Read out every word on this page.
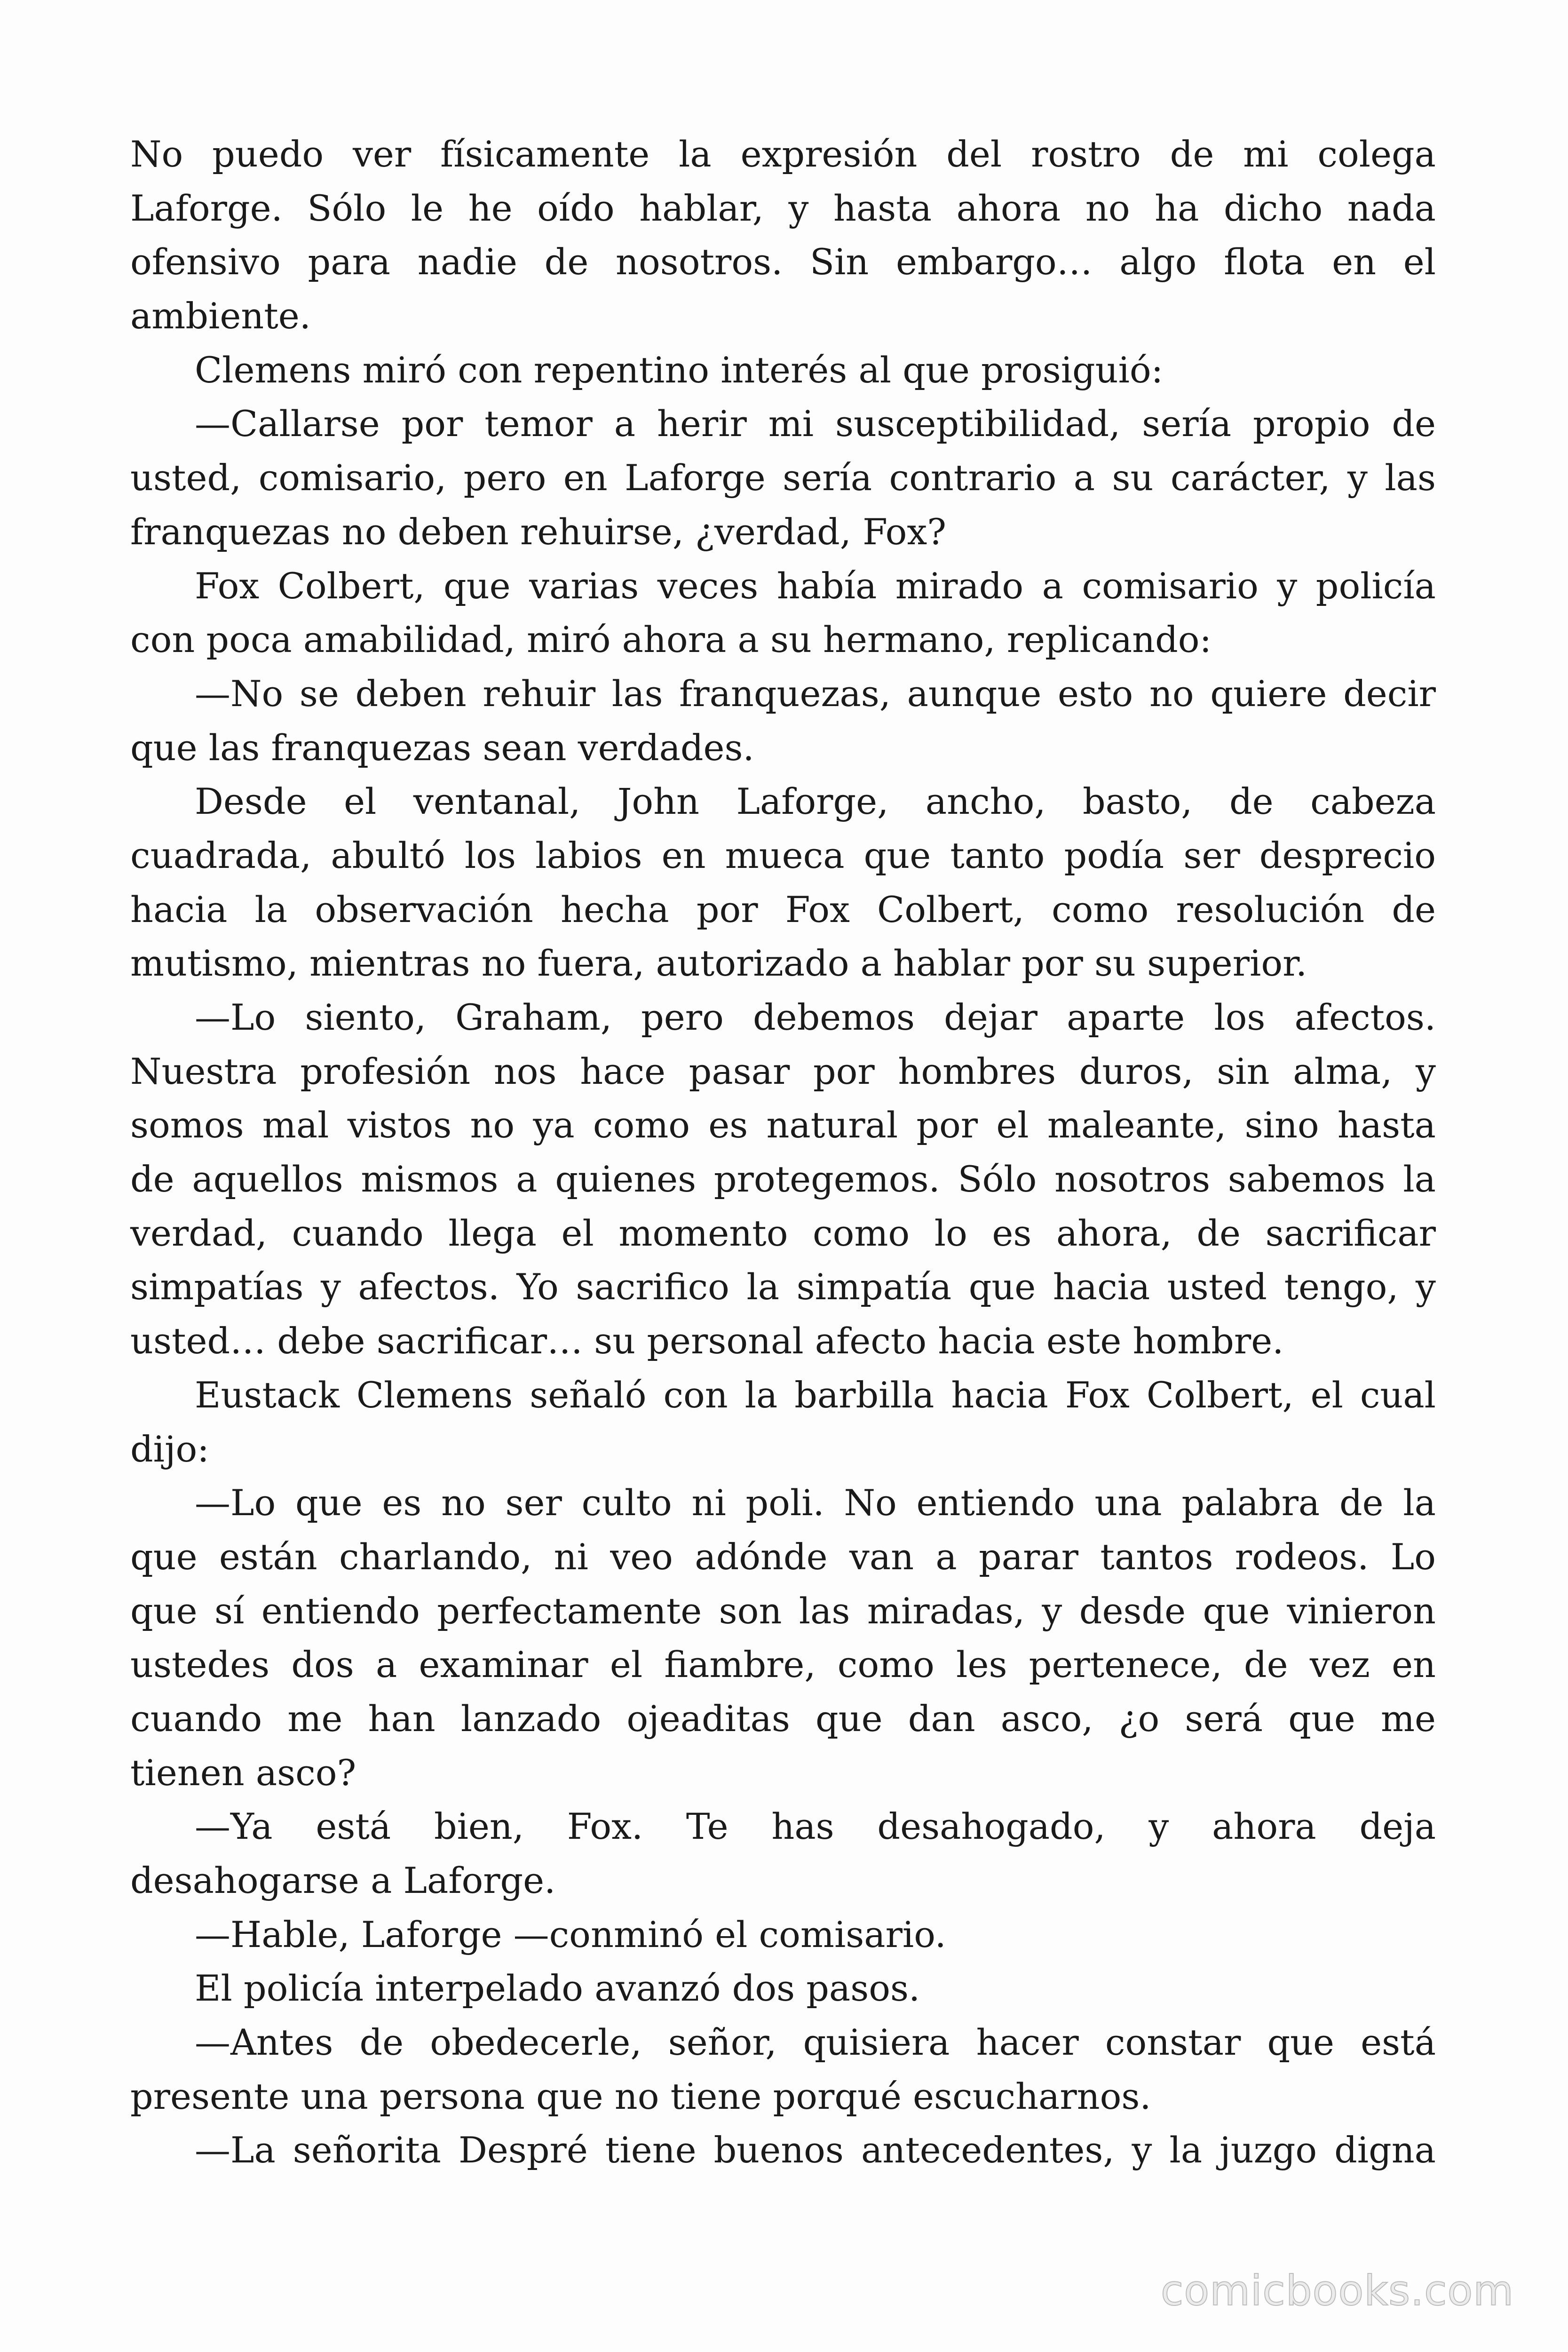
No puedo ver físicamente la expresión del rostro de mi colega
Laforge. Sólo le he oído hablar, y hasta ahora no ha dicho nada
ofensivo para nadie de nosotros. Sin embargo… algo flota en el
ambiente.
Clemens miró con repentino interés al que prosiguió:
—Callarse por temor a herir mi susceptibilidad, sería propio de
usted, comisario, pero en Laforge sería contrario a su carácter, y las
franquezas no deben rehuirse, ¿verdad, Fox?
Fox Colbert, que varias veces había mirado a comisario y policía
con poca amabilidad, miró ahora a su hermano, replicando:
—No se deben rehuir las franquezas, aunque esto no quiere decir
que las franquezas sean verdades.
Desde el ventanal, John Laforge, ancho, basto, de cabeza
cuadrada, abultó los labios en mueca que tanto podía ser desprecio
hacia la observación hecha por Fox Colbert, como resolución de
mutismo, mientras no fuera, autorizado a hablar por su superior.
—Lo siento, Graham, pero debemos dejar aparte los afectos.
Nuestra profesión nos hace pasar por hombres duros, sin alma, y
somos mal vistos no ya como es natural por el maleante, sino hasta
de aquellos mismos a quienes protegemos. Sólo nosotros sabemos la
verdad, cuando llega el momento como lo es ahora, de sacrificar
simpatías y afectos. Yo sacrifico la simpatía que hacia usted tengo, y
usted… debe sacrificar… su personal afecto hacia este hombre.
Eustack Clemens señaló con la barbilla hacia Fox Colbert, el cual
dijo:
—Lo que es no ser culto ni poli. No entiendo una palabra de la
que están charlando, ni veo adónde van a parar tantos rodeos. Lo
que sí entiendo perfectamente son las miradas, y desde que vinieron
ustedes dos a examinar el fiambre, como les pertenece, de vez en
cuando me han lanzado ojeaditas que dan asco, ¿o será que me
tienen asco?
—Ya está bien, Fox. Te has desahogado, y ahora deja
desahogarse a Laforge.
—Hable, Laforge —conminó el comisario.
El policía interpelado avanzó dos pasos.
—Antes de obedecerle, señor, quisiera hacer constar que está
presente una persona que no tiene porqué escucharnos.
—La señorita Despré tiene buenos antecedentes, y la juzgo digna
comicbooks.com
